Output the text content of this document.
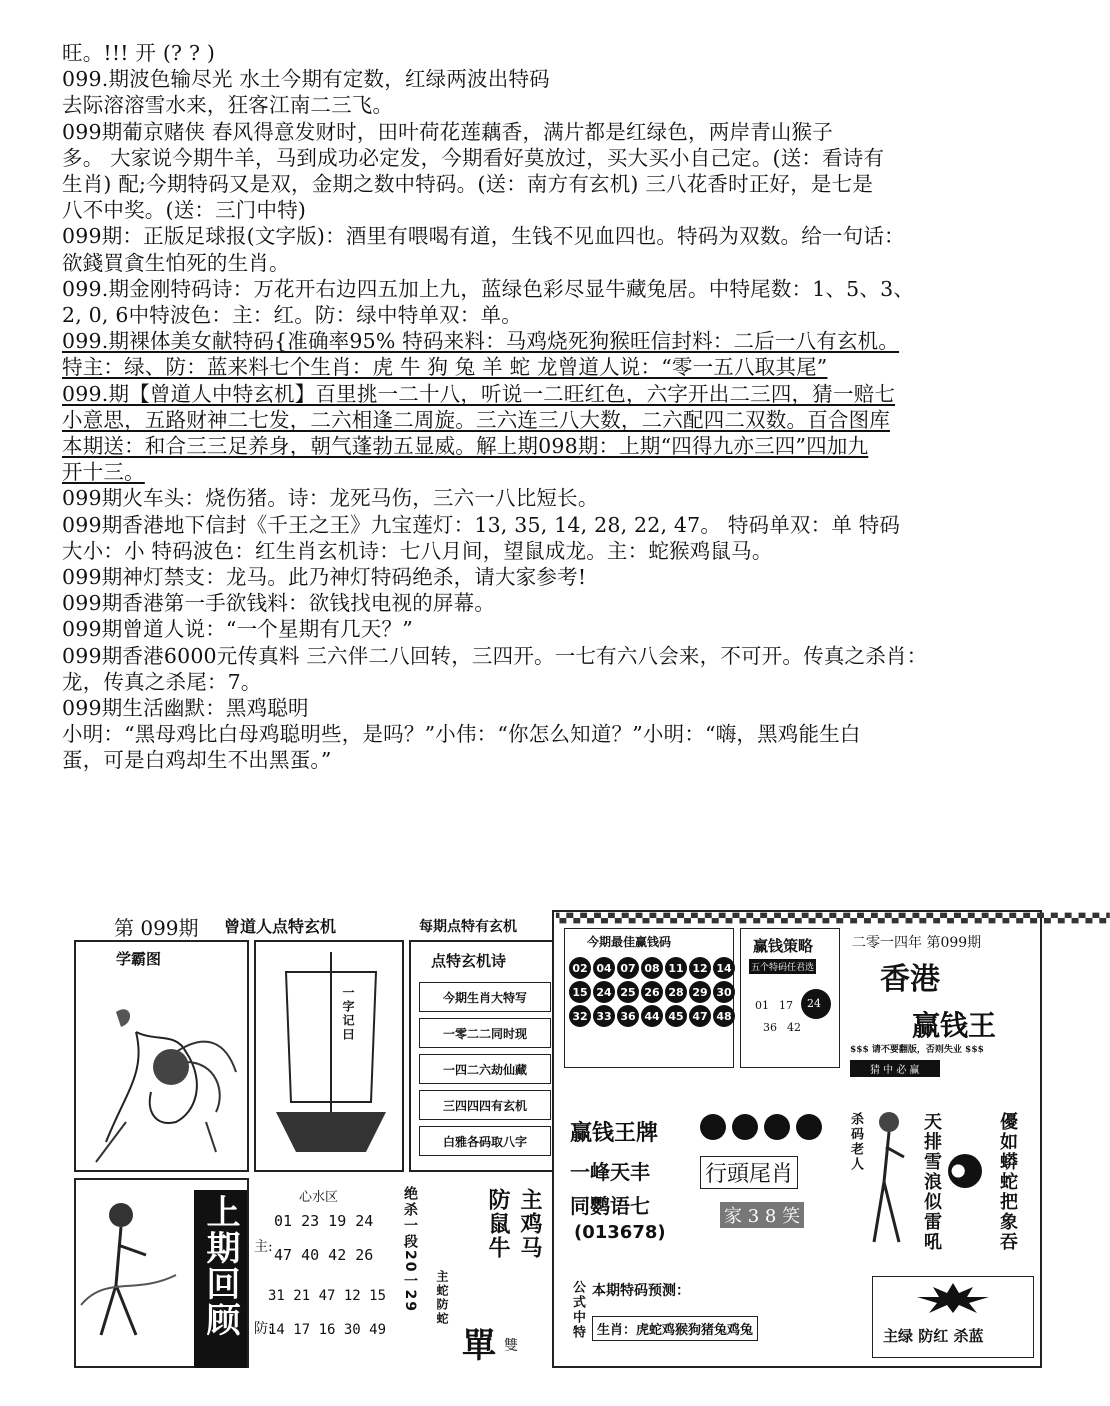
旺。!!! 开 (? ? )

099.期波色输尽光 水土今期有定数，红绿两波出特码

去际溶溶雪水来，狂客江南二三飞。

099期葡京赌侠 春风得意发财时，田叶荷花莲藕香，满片都是红绿色，两岸青山猴子

多。 大家说今期牛羊，马到成功必定发，今期看好莫放过，买大买小自己定。(送：看诗有

生肖) 配;今期特码又是双，金期之数中特码。(送：南方有玄机) 三八花香时正好，是七是

八不中奖。(送：三门中特)

099期：正版足球报(文字版)：酒里有喂喝有道，生钱不见血四也。特码为双数。给一句话：

欲錢買貪生怕死的生肖。

099.期金刚特码诗：万花开右边四五加上九，蓝绿色彩尽显牛藏兔居。中特尾数：1、5、3、

2, 0, 6中特波色：主：红。防：绿中特单双：单。

099.期裸体美女献特码{准确率95% 特码来料：马鸡烧死狗猴旺信封料：二后一八有玄机。

特主：绿、防：蓝来料七个生肖：虎 牛 狗 兔 羊 蛇 龙曾道人说：“零一五八取其尾”

099.期【曾道人中特玄机】百里挑一二十八，听说一二旺红色，六字开出二三四，猜一赔七

小意思，五路财神二七发，二六相逢二周旋。三六连三八大数，二六配四二双数。百合图库

本期送：和合三三足养身，朝气蓬勃五显威。解上期098期：上期“四得九亦三四”四加九

开十三。

099期火车头：烧伤猪。诗：龙死马伤，三六一八比短长。

099期香港地下信封《千王之王》九宝莲灯：13, 35, 14, 28, 22, 47。 特码单双：单 特码

大小：小 特码波色：红生肖玄机诗：七八月间，望鼠成龙。主：蛇猴鸡鼠马。

099期神灯禁支：龙马。此乃神灯特码绝杀，请大家参考!

099期香港第一手欲钱料：欲钱找电视的屏幕。

099期曾道人说：“一个星期有几天？”

099期香港6000元传真料 三六伴二八回转，三四开。一七有六八会来，不可开。传真之杀肖：

龙，传真之杀尾：7。

099期生活幽默：黑鸡聪明

小明：“黑母鸡比白母鸡聪明些，是吗？”小伟：“你怎么知道？”小明：“嗨，黑鸡能生白

蛋，可是白鸡却生不出黑蛋。”

第 099期 曾道人点特玄机	每期点特有玄机
学霸图
一字记曰
点特玄机诗
今期生肖大特写
一零二二同时现
一四二六劫仙藏
三四四四有玄机
白雅各码取八字
上期回顾	心水区
主:
01 23 19 24
47 40 42 26
防:
31 21 47 12 15
14 17 16 30 49
绝杀一段20一29	主鸡马
防鼠牛
主蛇防蛇
單 雙
▚▞▚▞▚▞▚▞▚▞▚▞▚▞▚▞▚▞▚▞▚▞▚▞▚▞▚▞▚▞▚▞▚▞▚▞▚▞▚▞▚▞▚▞▚▞▚▞▚▞▚▞▚▞▚▞▚▞▚▞▚▞▚▞▚▞▚▞▚▞▚▞▚▞▚▞▚▞▚▞
今期最佳赢钱码
02 04 07 08 11 12 14
15 24 25 26 28 29 30
32 33 36 44 45 47 48
赢钱策略
五个特码任君选
01 17 24
36 42
二零一四年 第099期
香港
赢钱王
$$$ 请不要翻版，否则失业 $$$
猜 中 必 赢
赢钱王牌
一峰天丰
同鹦语七
(013678)
行頭尾肖
家 3 8 笑
杀码老人	天排雪浪似雷吼	優如蟒蛇把象吞
公式中特 本期特码预测：
生肖：虎蛇鸡猴狗猪兔鸡兔	主绿 防红 杀蓝
